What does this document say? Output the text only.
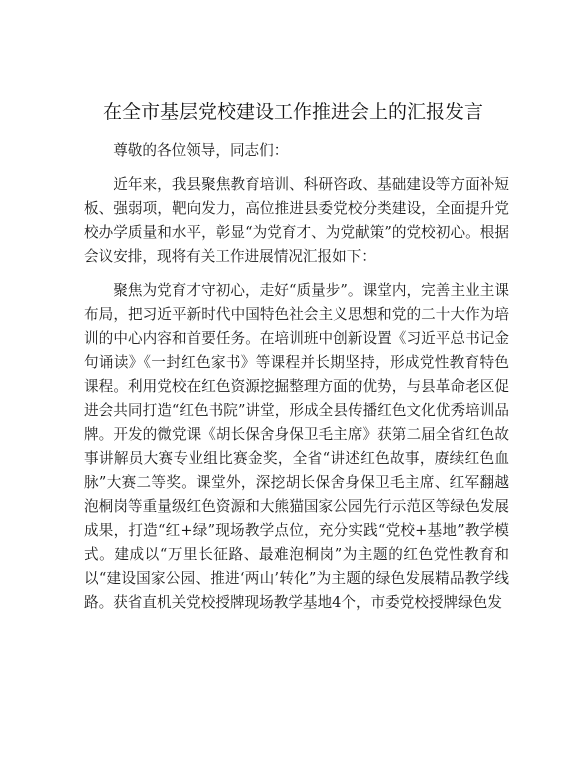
在全市基层党校建设工作推进会上的汇报发言

尊敬的各位领导，同志们：

近年来，我县聚焦教育培训、科研咨政、基础建设等方面补短板、强弱项，靶向发力，高位推进县委党校分类建设，全面提升党校办学质量和水平，彰显“为党育才、为党献策”的党校初心。根据会议安排，现将有关工作进展情况汇报如下：

聚焦为党育才守初心，走好“质量步”。课堂内，完善主业主课布局，把习近平新时代中国特色社会主义思想和党的二十大作为培训的中心内容和首要任务。在培训班中创新设置《习近平总书记金句诵读》《一封红色家书》等课程并长期坚持，形成党性教育特色课程。利用党校在红色资源挖掘整理方面的优势，与县革命老区促进会共同打造“红色书院”讲堂，形成全县传播红色文化优秀培训品牌。开发的微党课《胡长保舍身保卫毛主席》获第二届全省红色故事讲解员大赛专业组比赛金奖，全省“讲述红色故事，赓续红色血脉”大赛二等奖。课堂外，深挖胡长保舍身保卫毛主席、红军翻越泡桐岗等重量级红色资源和大熊猫国家公园先行示范区等绿色发展成果，打造“红+绿”现场教学点位，充分实践“党校+基地”教学模式。建成以“万里长征路、最难泡桐岗”为主题的红色党性教育和以“建设国家公园、推进‘两山’转化”为主题的绿色发展精品教学线路。获省直机关党校授牌现场教学基地4个，市委党校授牌绿色发
